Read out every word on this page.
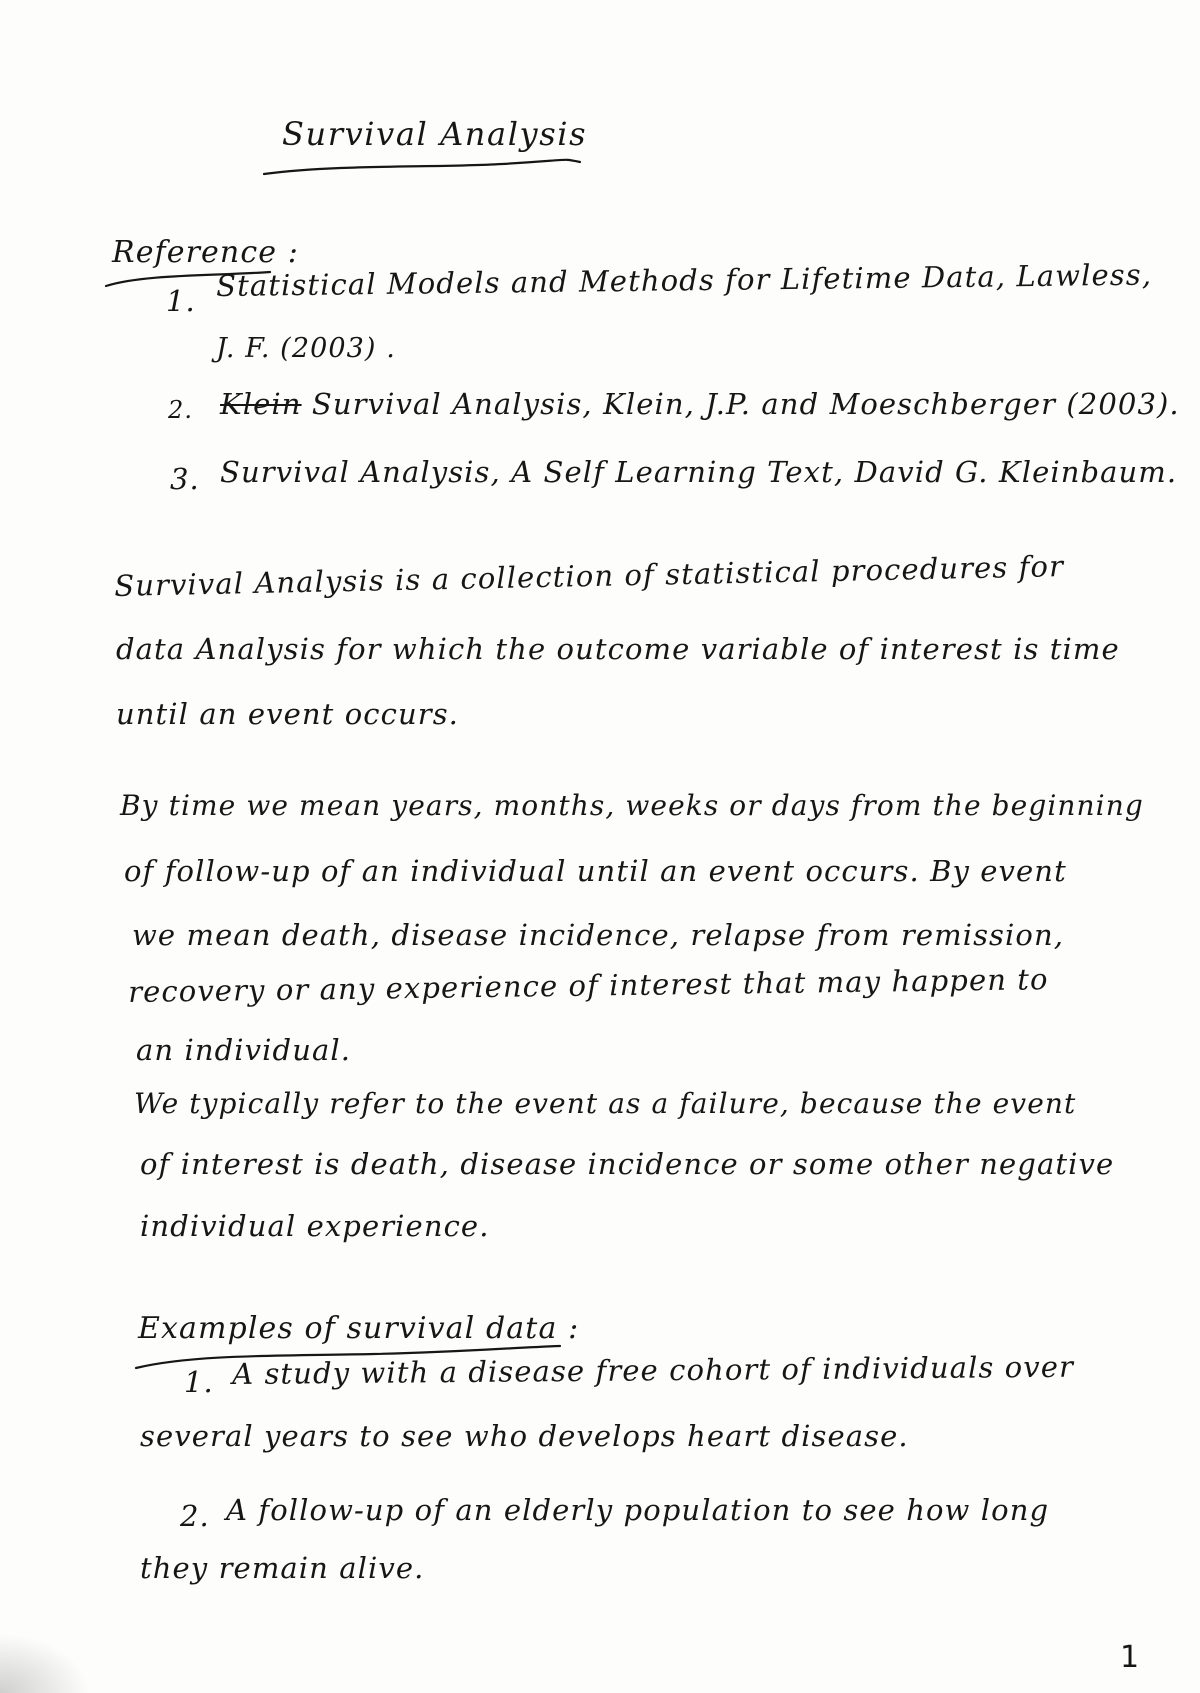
Survival Analysis
Reference :
1. Statistical Models and Methods for Lifetime Data, Lawless,
J. F. (2003) .
2. Klein Survival Analysis, Klein, J.P. and Moeschberger (2003).
3. Survival Analysis, A Self Learning Text, David G. Kleinbaum.
Survival Analysis is a collection of statistical procedures for
data Analysis for which the outcome variable of interest is time
until an event occurs.
By time we mean years, months, weeks or days from the beginning
of follow-up of an individual until an event occurs. By event
we mean death, disease incidence, relapse from remission,
recovery or any experience of interest that may happen to
an individual.
We typically refer to the event as a failure, because the event
of interest is death, disease incidence or some other negative
individual experience.
Examples of survival data :
1. A study with a disease free cohort of individuals over
several years to see who develops heart disease.
2. A follow-up of an elderly population to see how long
they remain alive.
1
